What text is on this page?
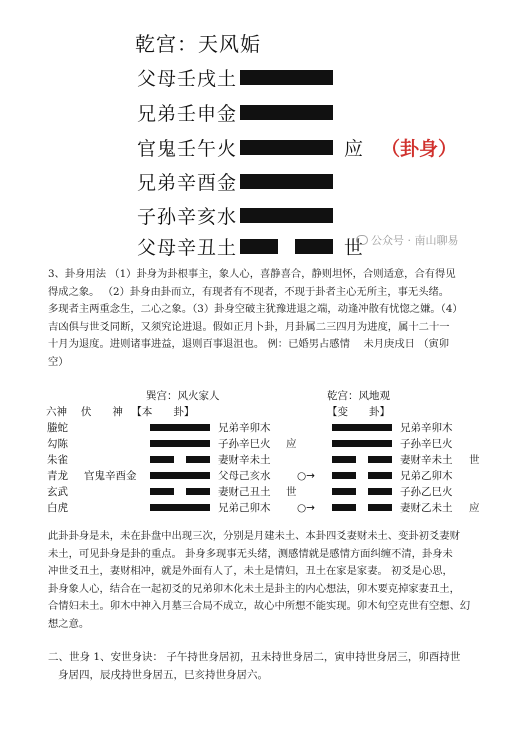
乾宫：天风姤
父母壬戌土
兄弟壬申金
官鬼壬午火	应 （卦身）
兄弟辛酉金
子孙辛亥水
父母辛丑土	世 公众号 · 南山聊易
3、卦身用法 （1）卦身为卦根事主，象人心，喜静喜合，静则坦怀，合则适意，合有得见
得成之象。 （2）卦身由卦而立，有现者有不现者，不现于卦者主心无所主，事无头绪。
多现者主两重念生，二心之象。（3）卦身空破主犹豫进退之端，动逢冲散有忧惚之嫌。（4）
吉凶俱与世爻同断，又须究论进退。假如正月卜卦，月卦属二三四月为进度，属十二十一
十月为退度。进则诸事进益，退则百事退沮也。 例：已婚男占感情 　未月庚戌日 （寅卯
空）
巽宫：风火家人	乾宫：风地观
六神 　伏　　神 　【本　　卦】	【变　　卦】
螣蛇	兄弟辛卯木	兄弟辛卯木
勾陈	子孙辛巳火 应	子孙辛巳火
朱雀	妻财辛未土	妻财辛未土 世
青龙 官鬼辛酉金	父母己亥水	○→	兄弟乙卯木
玄武	妻财己丑土 世	子孙乙巳火
白虎	兄弟己卯木	○→	妻财乙未土 应
此卦卦身是未，未在卦盘中出现三次，分别是月建未土、本卦四爻妻财未土、变卦初爻妻财
未土，可见卦身是卦的重点。 卦身多现事无头绪，测感情就是感情方面纠缠不清，卦身未
冲世爻丑土，妻财相冲，就是外面有人了，未土是情妇，丑土在家是家妻。 初爻是心思，
卦身象人心，结合在一起初爻的兄弟卯木化未土是卦主的内心想法，卯木要克掉家妻丑土，
合情妇未土。卯木中神入月墓三合局不成立，故心中所想不能实现。卯木旬空克世有空想、幻
想之意。
二、世身 1、安世身诀： 子午持世身居初，丑未持世身居二，寅申持世身居三，卯酉持世
身居四，辰戌持世身居五，巳亥持世身居六。
